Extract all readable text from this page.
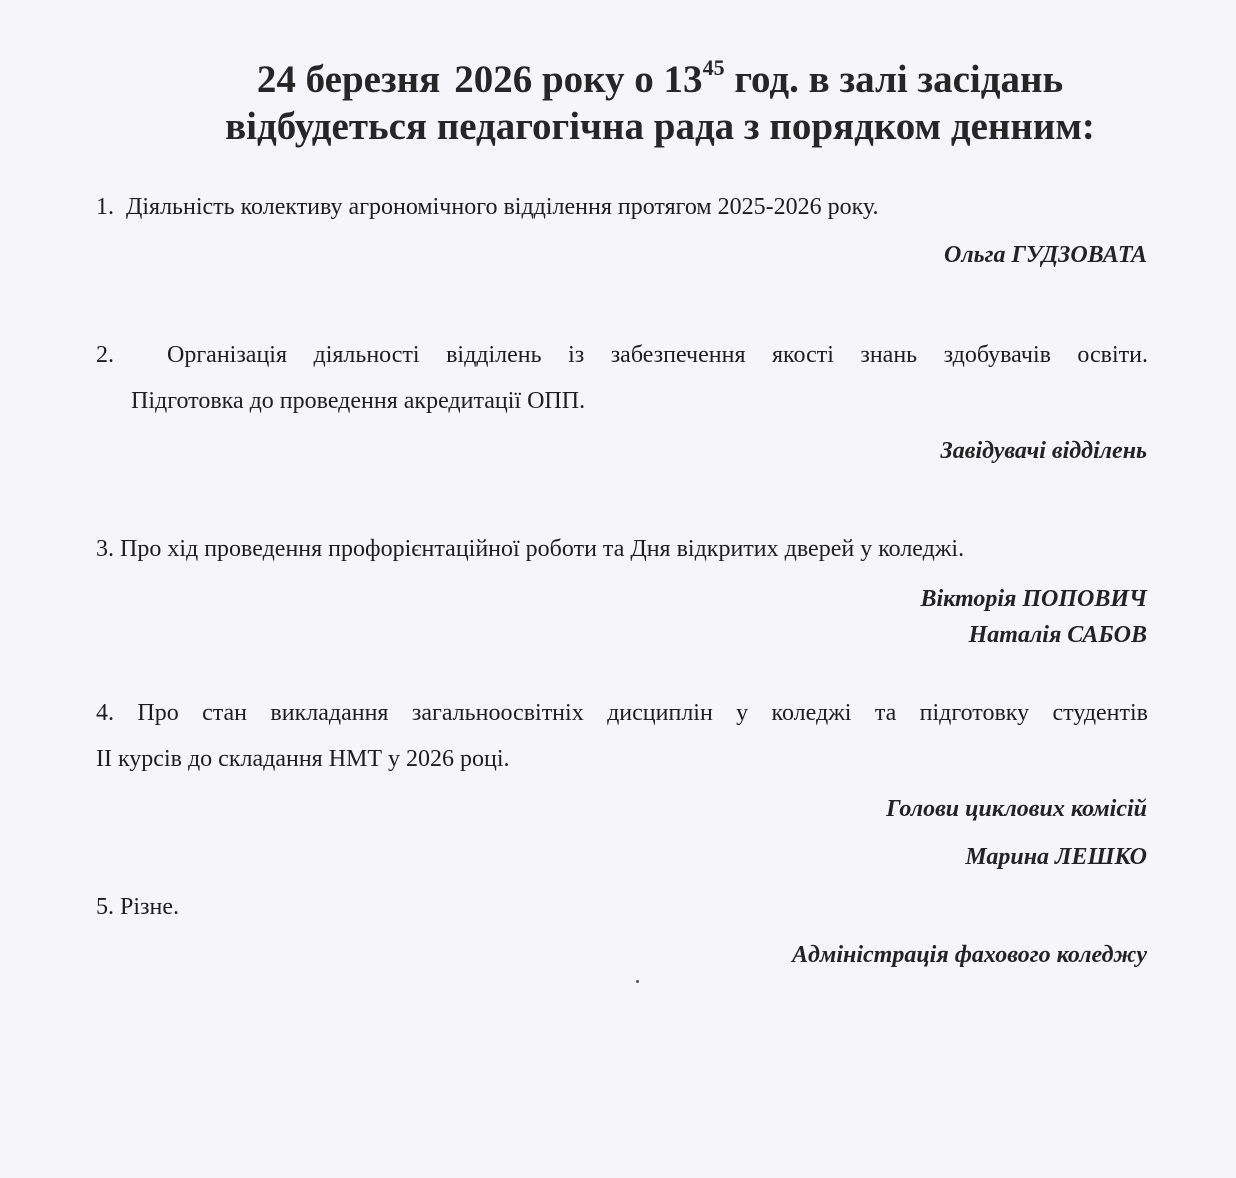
24 березня 2026 року о $13^{45}$ год. в залі засідань
відбудеться педагогічна рада з порядком денним:
1. Діяльність колективу агрономічного відділення протягом 2025-2026 року.
Ольга ГУДЗОВАТА
2. Організація діяльності відділень із забезпечення якості знань здобувачів освіти.
Підготовка до проведення акредитації ОПП.
Завідувачі відділень
3. Про хід проведення профорієнтаційної роботи та Дня відкритих дверей у коледжі.
Вікторія ПОПОВИЧ
Наталія САБОВ
4. Про стан викладання загальноосвітніх дисциплін у коледжі та підготовку студентів
ІІ курсів до складання НМТ у 2026 році.
Голови циклових комісій
Марина ЛЕШКО
5. Різне.
Адміністрація фахового коледжу
